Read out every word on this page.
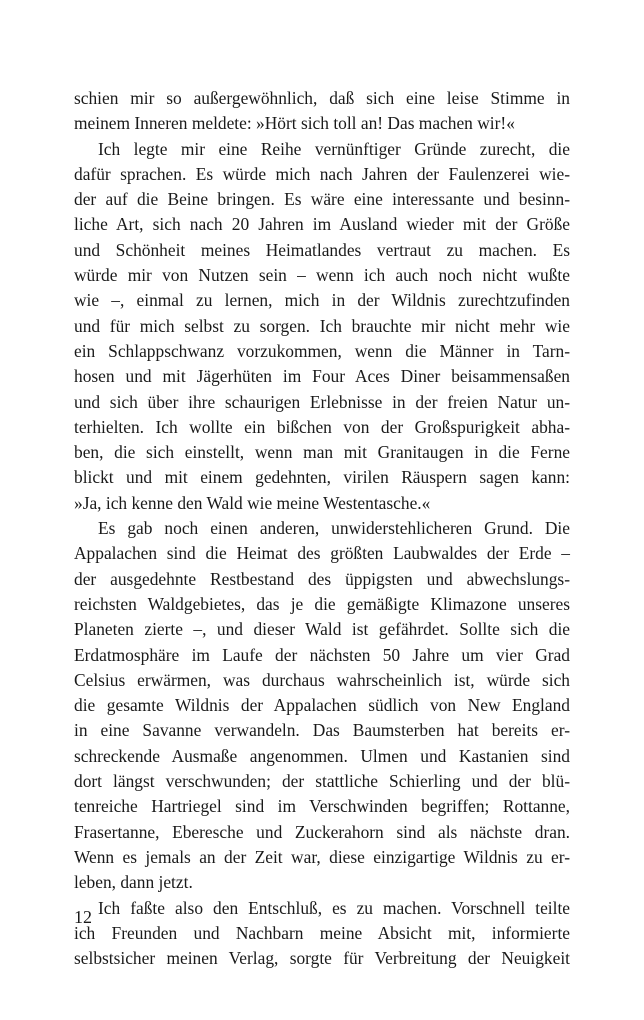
schien mir so außergewöhnlich, daß sich eine leise Stimme in
meinem Inneren meldete: »Hört sich toll an! Das machen wir!«
Ich legte mir eine Reihe vernünftiger Gründe zurecht, die
dafür sprachen. Es würde mich nach Jahren der Faulenzerei wie-
der auf die Beine bringen. Es wäre eine interessante und besinn-
liche Art, sich nach 20 Jahren im Ausland wieder mit der Größe
und Schönheit meines Heimatlandes vertraut zu machen. Es
würde mir von Nutzen sein – wenn ich auch noch nicht wußte
wie –, einmal zu lernen, mich in der Wildnis zurechtzufinden
und für mich selbst zu sorgen. Ich brauchte mir nicht mehr wie
ein Schlappschwanz vorzukommen, wenn die Männer in Tarn-
hosen und mit Jägerhüten im Four Aces Diner beisammensaßen
und sich über ihre schaurigen Erlebnisse in der freien Natur un-
terhielten. Ich wollte ein bißchen von der Großspurigkeit abha-
ben, die sich einstellt, wenn man mit Granitaugen in die Ferne
blickt und mit einem gedehnten, virilen Räuspern sagen kann:
»Ja, ich kenne den Wald wie meine Westentasche.«
Es gab noch einen anderen, unwiderstehlicheren Grund. Die
Appalachen sind die Heimat des größten Laubwaldes der Erde –
der ausgedehnte Restbestand des üppigsten und abwechslungs-
reichsten Waldgebietes, das je die gemäßigte Klimazone unseres
Planeten zierte –, und dieser Wald ist gefährdet. Sollte sich die
Erdatmosphäre im Laufe der nächsten 50 Jahre um vier Grad
Celsius erwärmen, was durchaus wahrscheinlich ist, würde sich
die gesamte Wildnis der Appalachen südlich von New England
in eine Savanne verwandeln. Das Baumsterben hat bereits er-
schreckende Ausmaße angenommen. Ulmen und Kastanien sind
dort längst verschwunden; der stattliche Schierling und der blü-
tenreiche Hartriegel sind im Verschwinden begriffen; Rottanne,
Frasertanne, Eberesche und Zuckerahorn sind als nächste dran.
Wenn es jemals an der Zeit war, diese einzigartige Wildnis zu er-
leben, dann jetzt.
Ich faßte also den Entschluß, es zu machen. Vorschnell teilte
ich Freunden und Nachbarn meine Absicht mit, informierte
selbstsicher meinen Verlag, sorgte für Verbreitung der Neuigkeit
12
